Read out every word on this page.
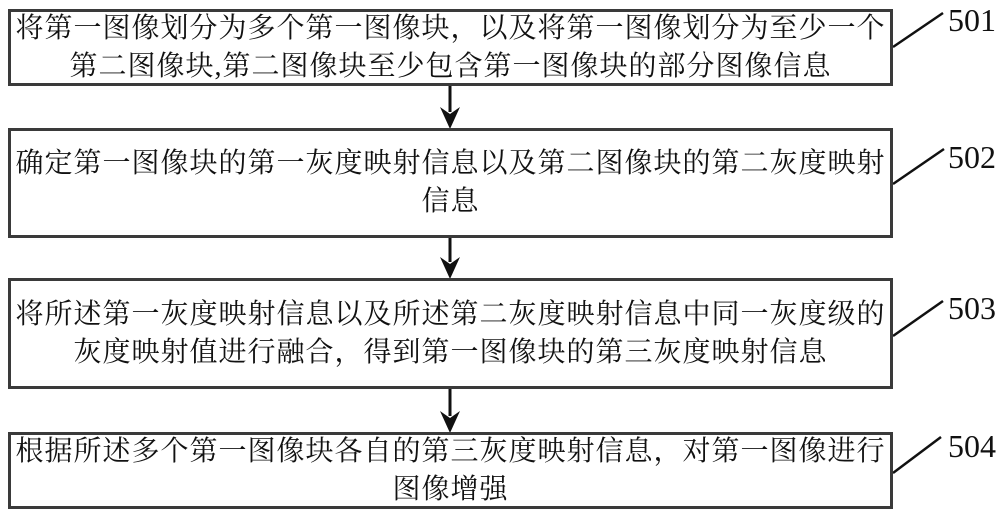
将第一图像划分为多个第一图像块，以及将第一图像划分为至少一个第二图像块,第二图像块至少包含第一图像块的部分图像信息
确定第一图像块的第一灰度映射信息以及第二图像块的第二灰度映射信息
将所述第一灰度映射信息以及所述第二灰度映射信息中同一灰度级的灰度映射值进行融合，得到第一图像块的第三灰度映射信息
根据所述多个第一图像块各自的第三灰度映射信息，对第一图像进行图像增强
501
502
503
504
